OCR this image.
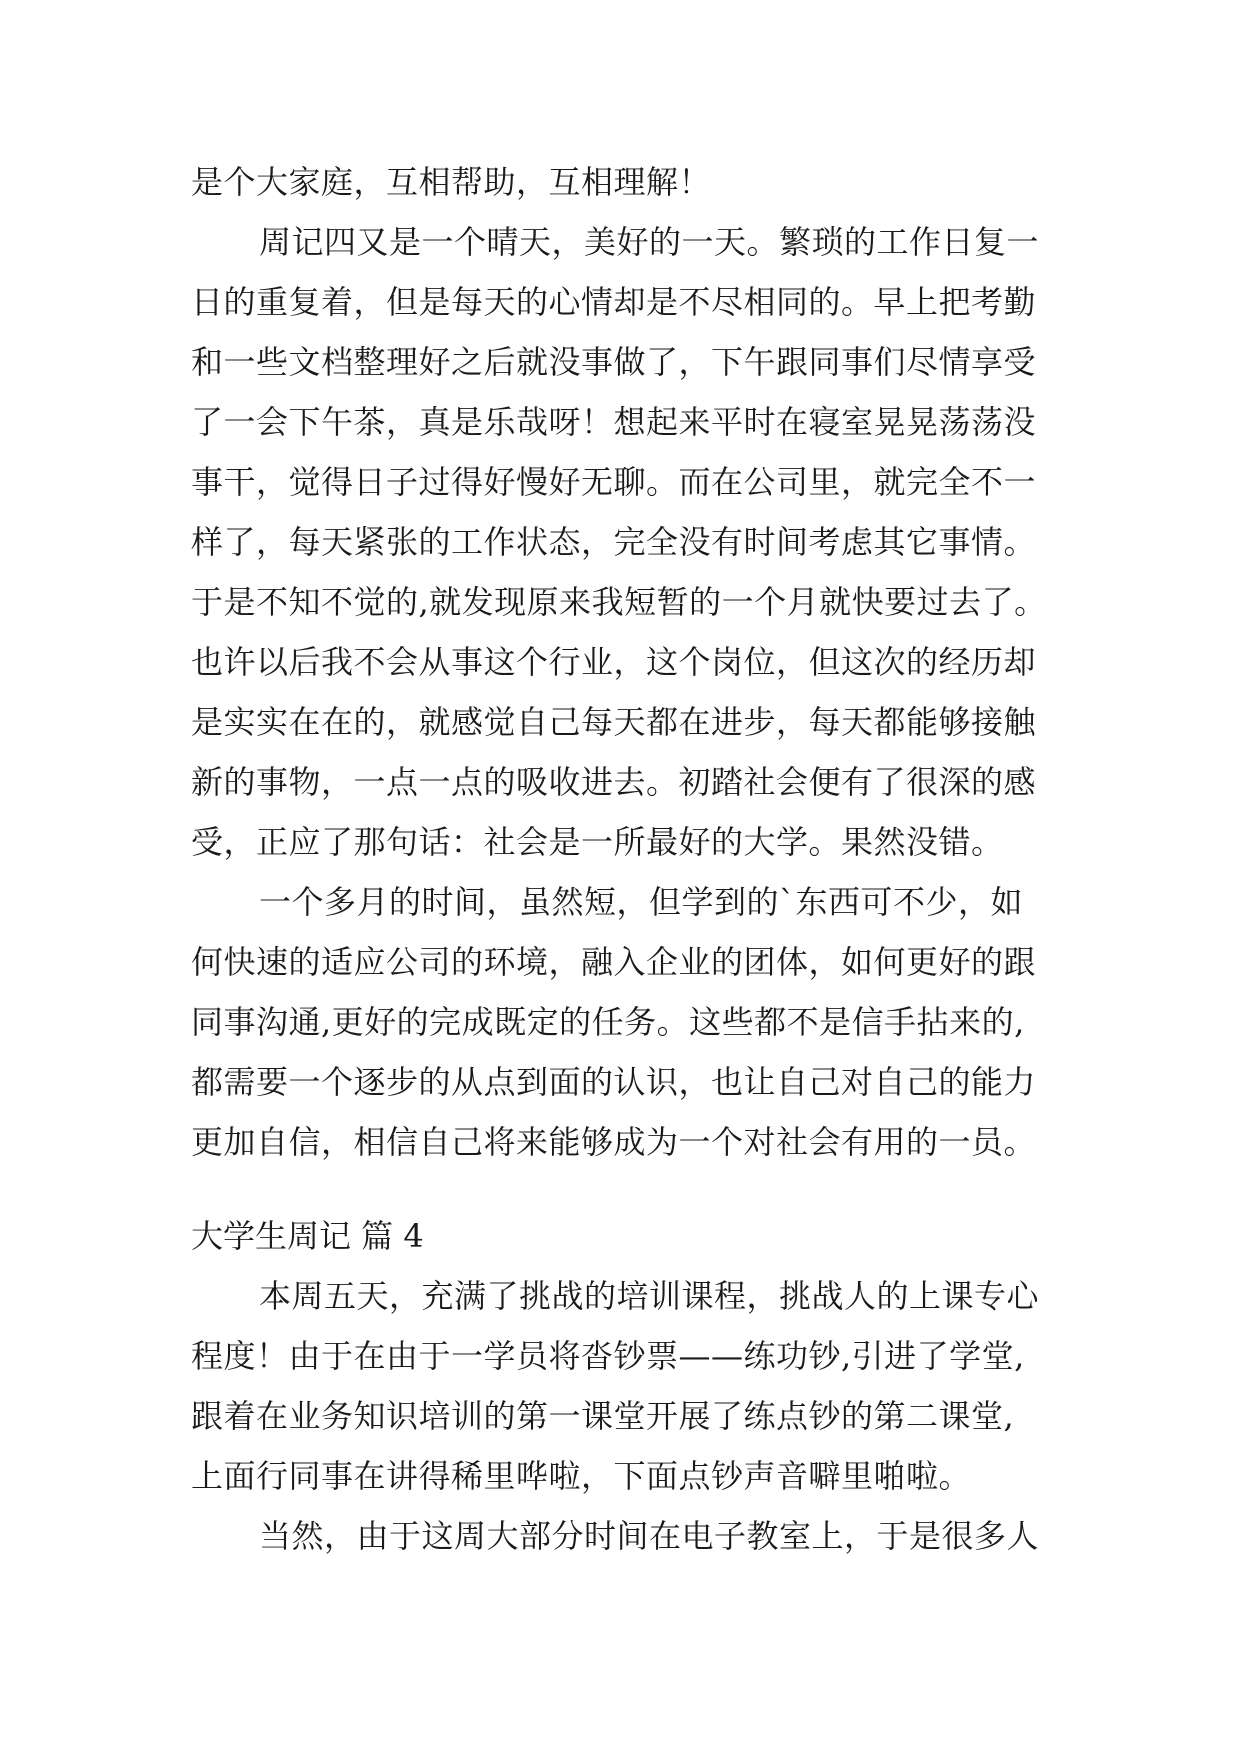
是个大家庭，互相帮助，互相理解！
周记四又是一个晴天，美好的一天。繁琐的工作日复一
日的重复着，但是每天的心情却是不尽相同的。早上把考勤
和一些文档整理好之后就没事做了，下午跟同事们尽情享受
了一会下午茶，真是乐哉呀！想起来平时在寝室晃晃荡荡没
事干，觉得日子过得好慢好无聊。而在公司里，就完全不一
样了，每天紧张的工作状态，完全没有时间考虑其它事情。
于是不知不觉的,就发现原来我短暂的一个月就快要过去了。
也许以后我不会从事这个行业，这个岗位，但这次的经历却
是实实在在的，就感觉自己每天都在进步，每天都能够接触
新的事物，一点一点的吸收进去。初踏社会便有了很深的感
受，正应了那句话：社会是一所最好的大学。果然没错。
一个多月的时间，虽然短，但学到的`东西可不少，如
何快速的适应公司的环境，融入企业的团体，如何更好的跟
同事沟通,更好的完成既定的任务。这些都不是信手拈来的,
都需要一个逐步的从点到面的认识，也让自己对自己的能力
更加自信，相信自己将来能够成为一个对社会有用的一员。
大学生周记 篇 4
本周五天，充满了挑战的培训课程，挑战人的上课专心
程度！由于在由于一学员将沓钞票——练功钞,引进了学堂,
跟着在业务知识培训的第一课堂开展了练点钞的第二课堂,
上面行同事在讲得稀里哗啦，下面点钞声音噼里啪啦。
当然，由于这周大部分时间在电子教室上，于是很多人
